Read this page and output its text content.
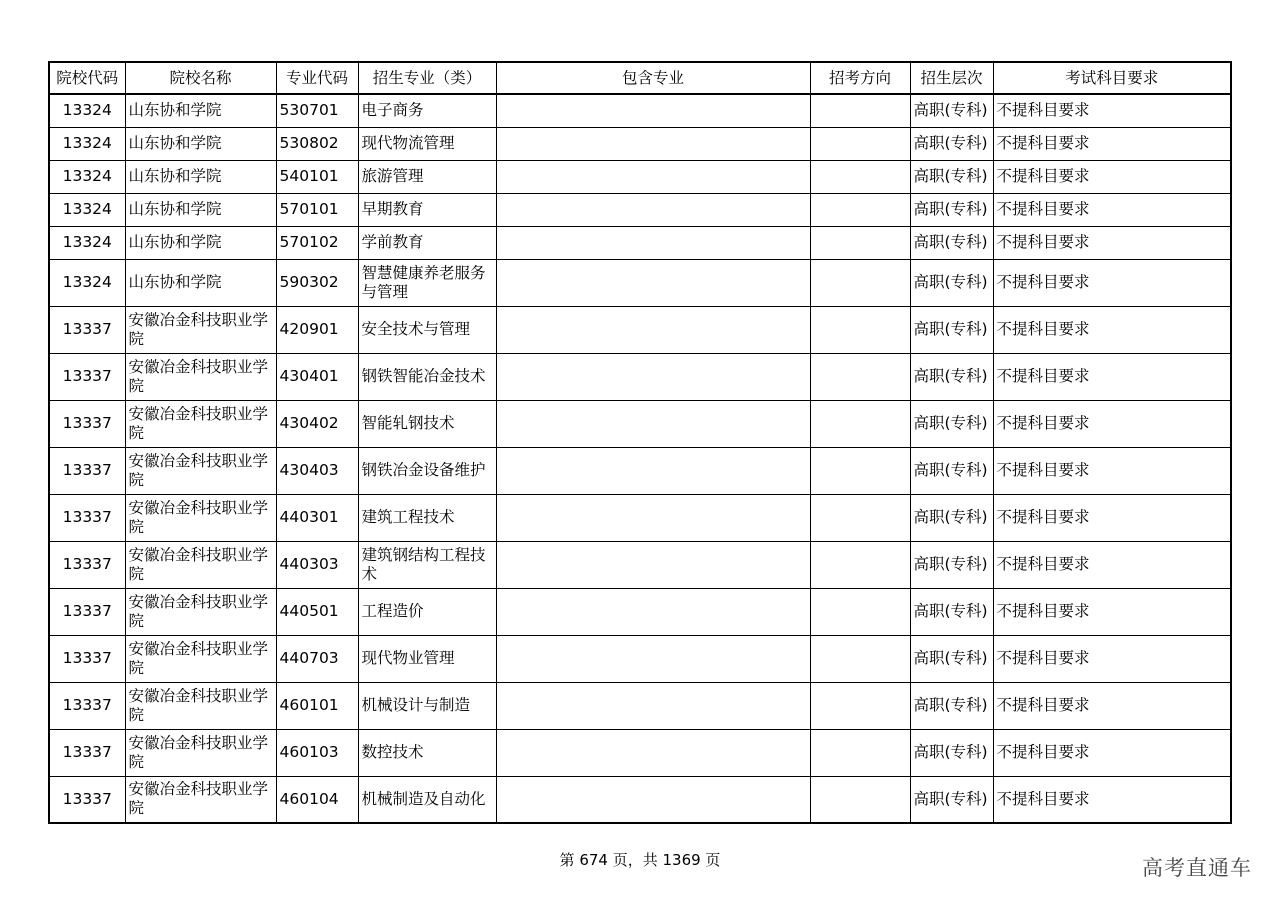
院校代码	院校名称	专业代码	招生专业（类）	包含专业	招考方向	招生层次	考试科目要求
13324	山东协和学院	530701	电子商务			高职(专科)	不提科目要求
13324	山东协和学院	530802	现代物流管理			高职(专科)	不提科目要求
13324	山东协和学院	540101	旅游管理			高职(专科)	不提科目要求
13324	山东协和学院	570101	早期教育			高职(专科)	不提科目要求
13324	山东协和学院	570102	学前教育			高职(专科)	不提科目要求
13324	山东协和学院	590302	智慧健康养老服务与管理			高职(专科)	不提科目要求
13337	安徽冶金科技职业学院	420901	安全技术与管理			高职(专科)	不提科目要求
13337	安徽冶金科技职业学院	430401	钢铁智能冶金技术			高职(专科)	不提科目要求
13337	安徽冶金科技职业学院	430402	智能轧钢技术			高职(专科)	不提科目要求
13337	安徽冶金科技职业学院	430403	钢铁冶金设备维护			高职(专科)	不提科目要求
13337	安徽冶金科技职业学院	440301	建筑工程技术			高职(专科)	不提科目要求
13337	安徽冶金科技职业学院	440303	建筑钢结构工程技术			高职(专科)	不提科目要求
13337	安徽冶金科技职业学院	440501	工程造价			高职(专科)	不提科目要求
13337	安徽冶金科技职业学院	440703	现代物业管理			高职(专科)	不提科目要求
13337	安徽冶金科技职业学院	460101	机械设计与制造			高职(专科)	不提科目要求
13337	安徽冶金科技职业学院	460103	数控技术			高职(专科)	不提科目要求
13337	安徽冶金科技职业学院	460104	机械制造及自动化			高职(专科)	不提科目要求
第 674 页，共 1369 页	高考直通车
